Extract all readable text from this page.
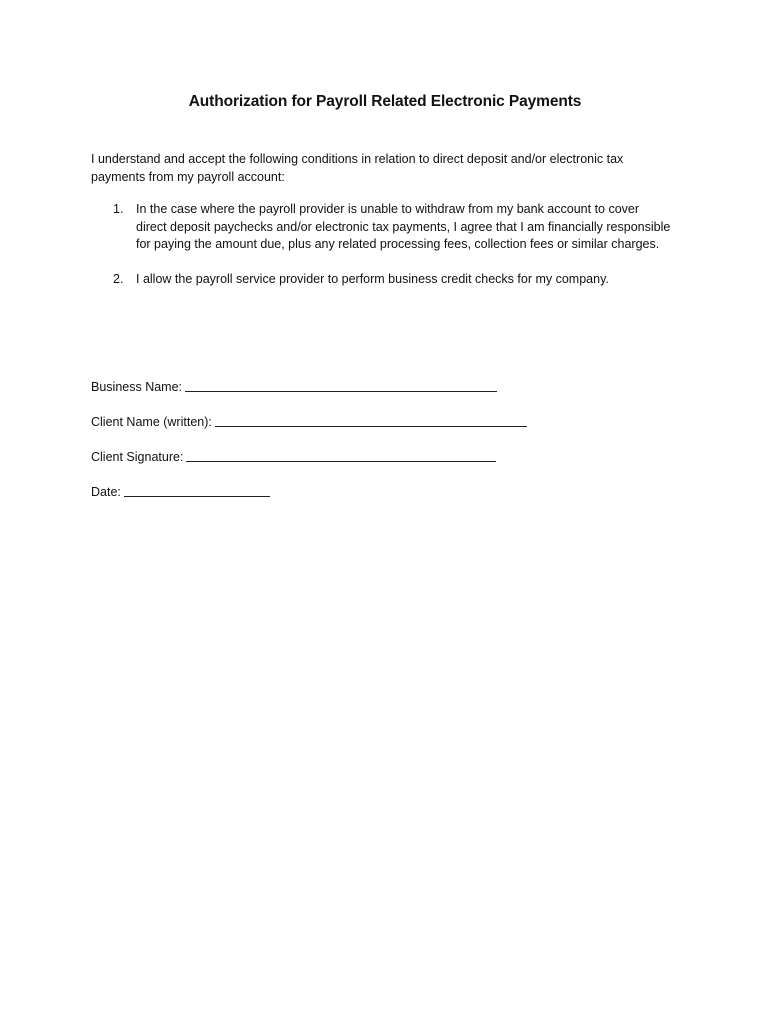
Authorization for Payroll Related Electronic Payments

I understand and accept the following conditions in relation to direct deposit and/or electronic tax payments from my payroll account:

1. In the case where the payroll provider is unable to withdraw from my bank account to cover direct deposit paychecks and/or electronic tax payments, I agree that I am financially responsible for paying the amount due, plus any related processing fees, collection fees or similar charges.
2. I allow the payroll service provider to perform business credit checks for my company.
Business Name:
Client Name (written):
Client Signature:
Date:
